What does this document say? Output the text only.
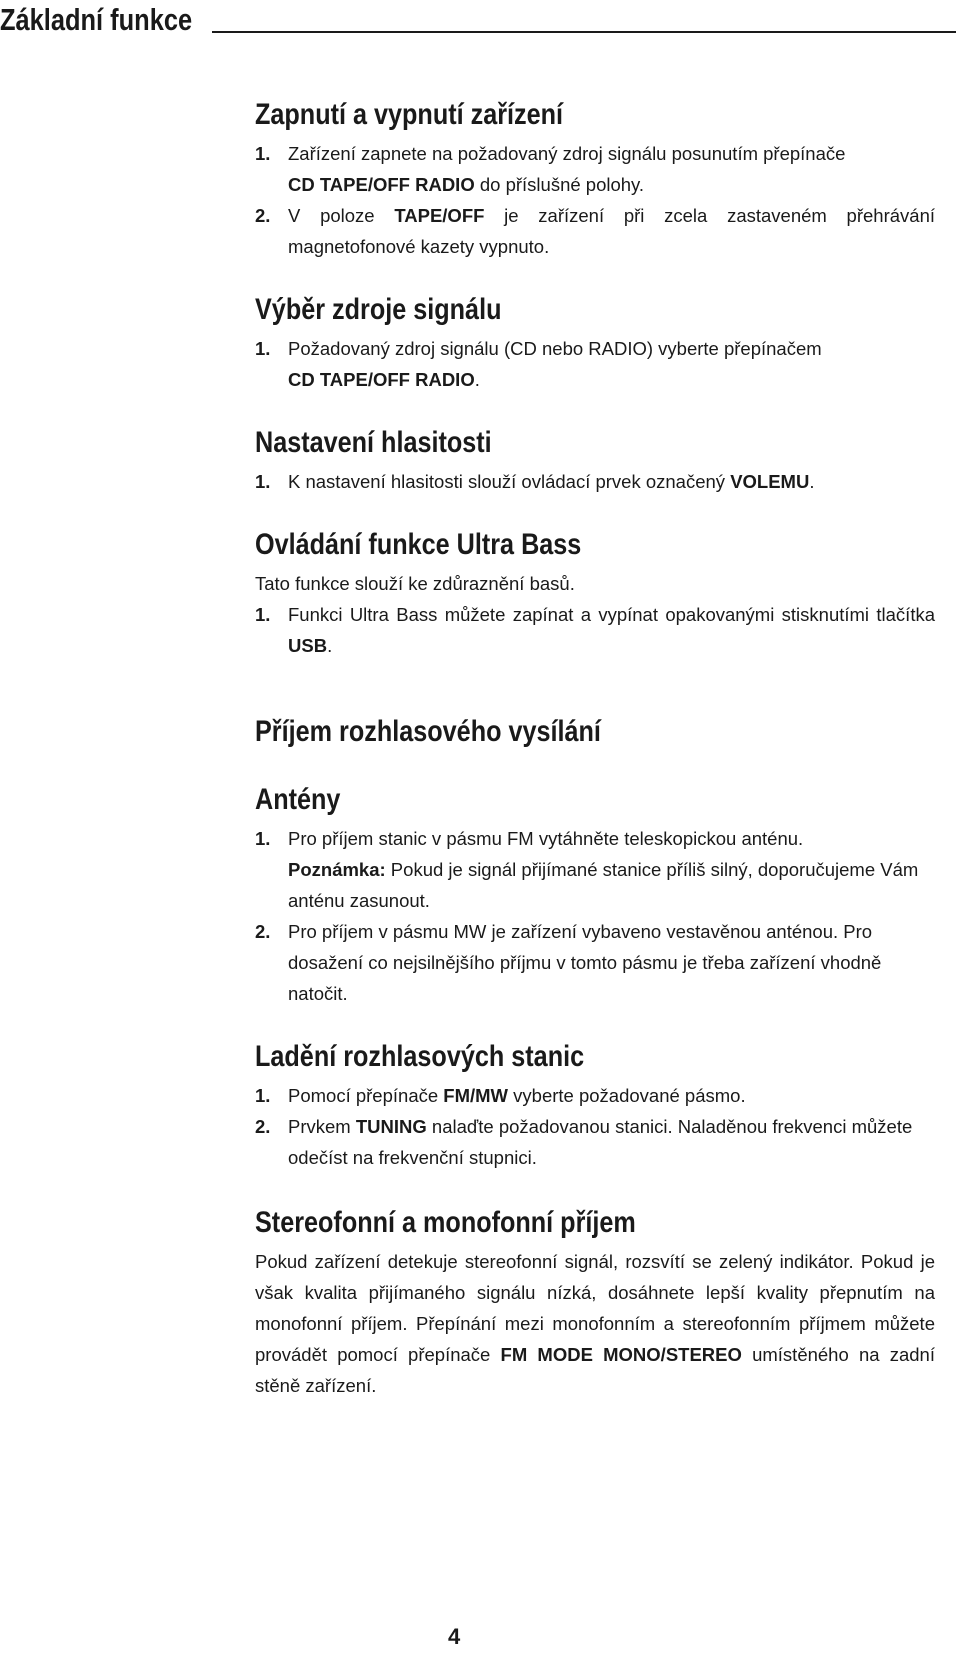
Základní funkce
Zapnutí a vypnutí zařízení
1. Zařízení zapnete na požadovaný zdroj signálu posunutím přepínače
CD TAPE/OFF RADIO do příslušné polohy.
2. V poloze TAPE/OFF je zařízení při zcela zastaveném přehrávání magnetofonové kazety vypnuto.
Výběr zdroje signálu
1. Požadovaný zdroj signálu (CD nebo RADIO) vyberte přepínačem
CD TAPE/OFF RADIO.
Nastavení hlasitosti
1. K nastavení hlasitosti slouží ovládací prvek označený VOLEMU.
Ovládání funkce Ultra Bass
Tato funkce slouží ke zdůraznění basů.
1. Funkci Ultra Bass můžete zapínat a vypínat opakovanými stisknutími tlačítka USB.
Příjem rozhlasového vysílání
Antény
1. Pro příjem stanic v pásmu FM vytáhněte teleskopickou anténu.
Poznámka: Pokud je signál přijímané stanice příliš silný, doporučujeme Vám anténu zasunout.
2. Pro příjem v pásmu MW je zařízení vybaveno vestavěnou anténou. Pro dosažení co nejsilnějšího příjmu v tomto pásmu je třeba zařízení vhodně natočit.
Ladění rozhlasových stanic
1. Pomocí přepínače FM/MW vyberte požadované pásmo.
2. Prvkem TUNING nalaďte požadovanou stanici. Naladěnou frekvenci můžete odečíst na frekvenční stupnici.
Stereofonní a monofonní příjem
Pokud zařízení detekuje stereofonní signál, rozsvítí se zelený indikátor. Pokud je však kvalita přijímaného signálu nízká, dosáhnete lepší kvality přepnutím na monofonní příjem. Přepínání mezi monofonním a stereofonním příjmem můžete provádět pomocí přepínače FM MODE MONO/STEREO umístěného na zadní stěně zařízení.
4
